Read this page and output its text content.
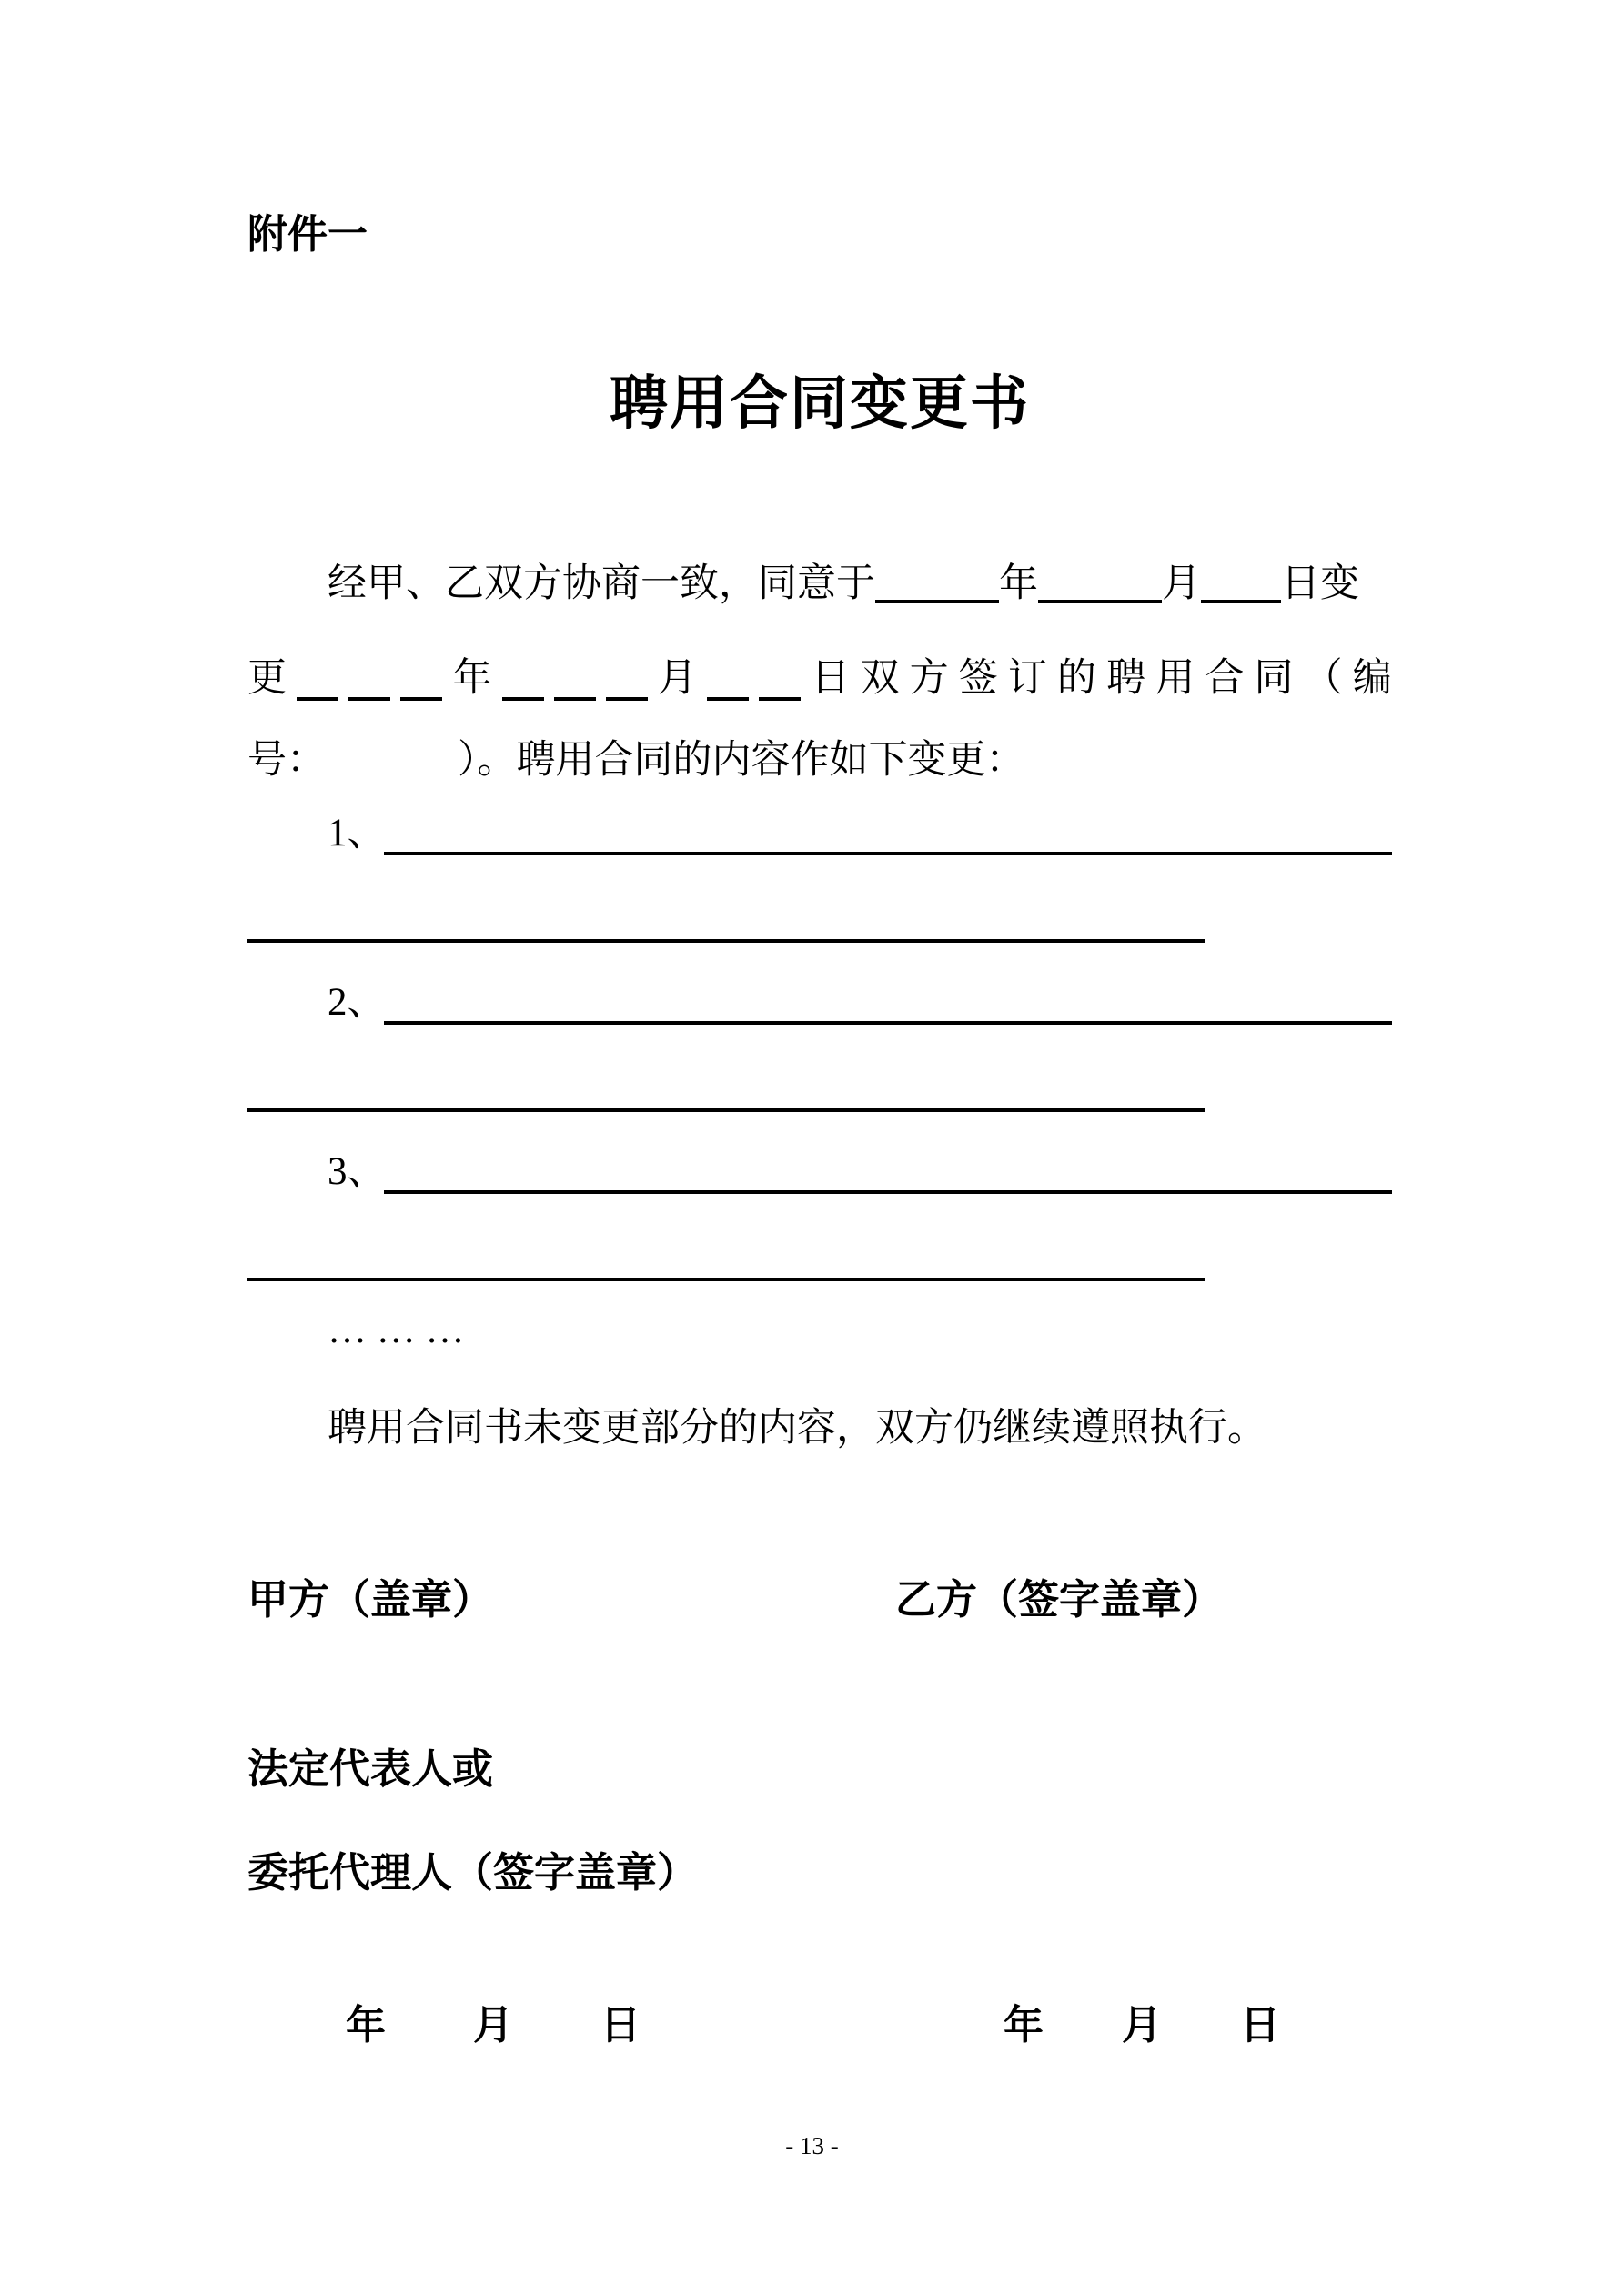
附件一
聘用合同变更书
经甲、乙双方协商一致，同意于	年	月 日变
更	年	月	日 双 方 签 订 的 聘 用 合 同 （ 编
号：	）。聘用合同的内容作如下变更：
1、
2、
3、
… … …
聘用合同书未变更部分的内容，双方仍继续遵照执行。
甲方（盖章）	乙方（签字盖章）
法定代表人或
委托代理人（签字盖章）
年 月 日	年 月 日
- 13 -
